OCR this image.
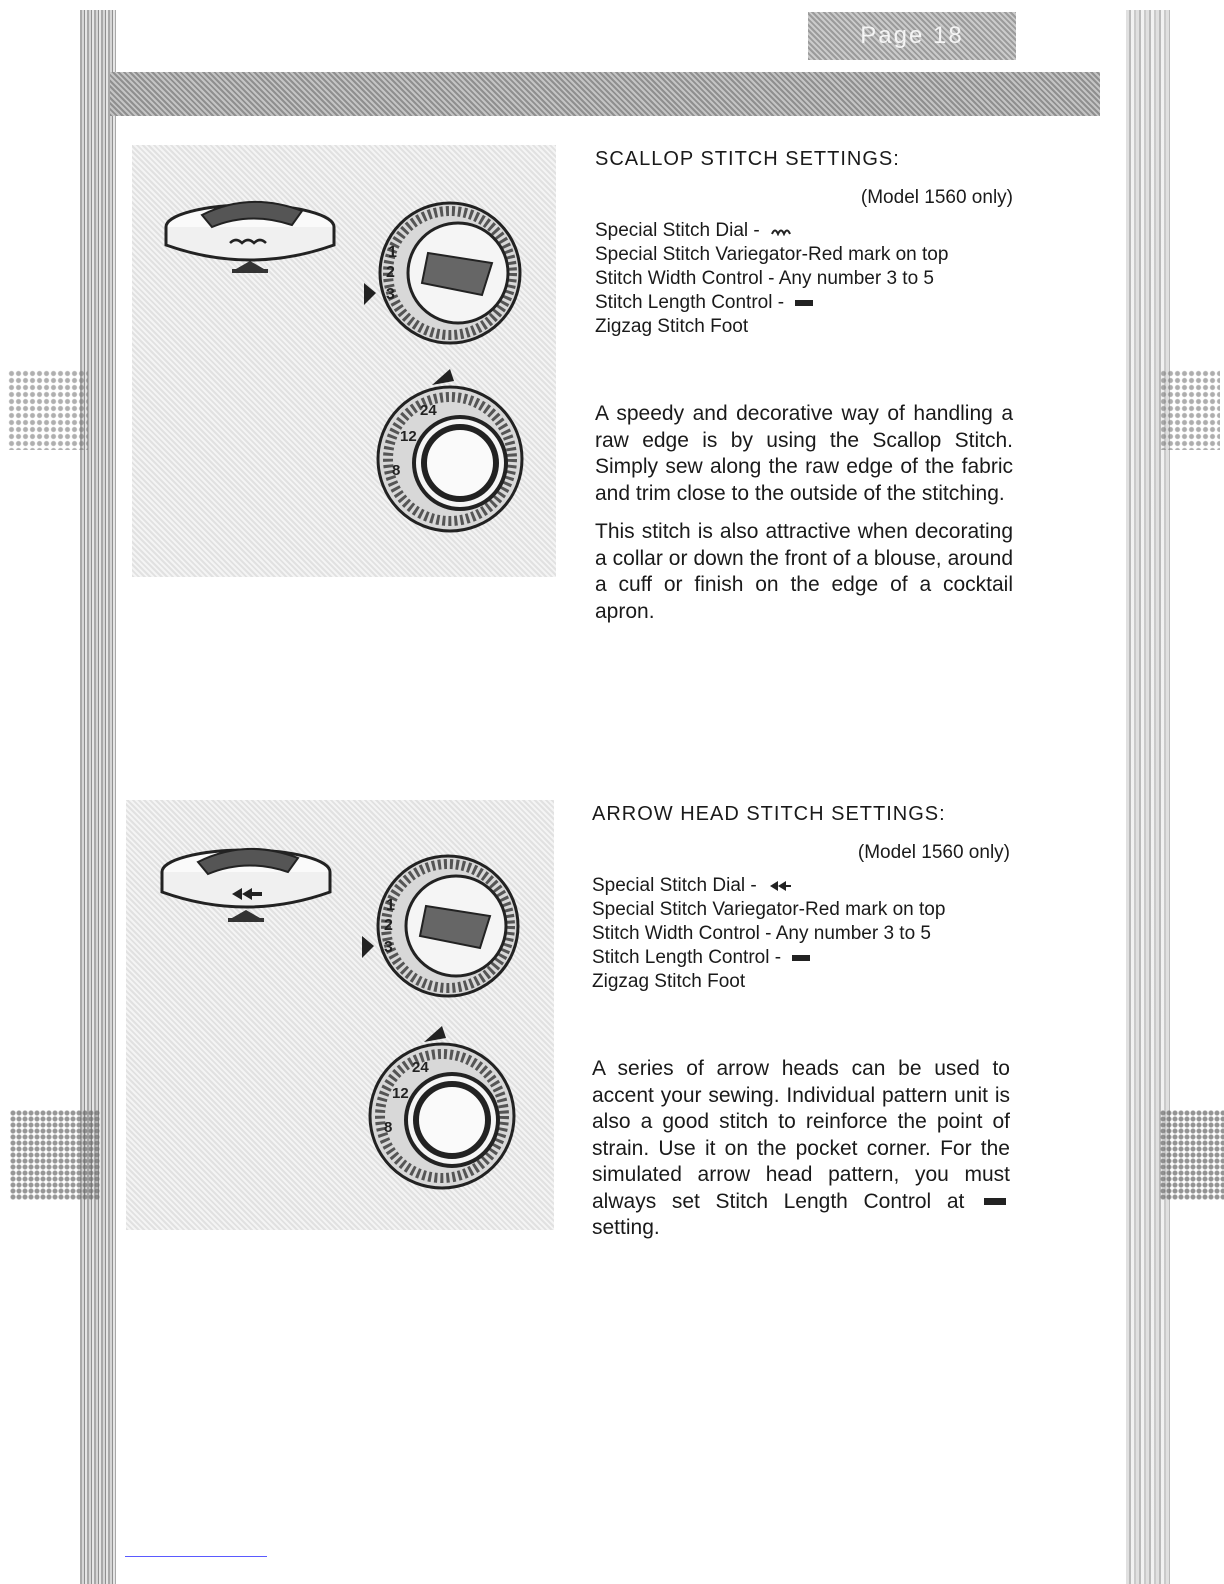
Page 18
1
2
3
24
12
8
1
2
3
24
12
8
SCALLOP STITCH SETTINGS:

(Model 1560 only)

Special Stitch Dial -
Special Stitch Variegator-Red mark on top
Stitch Width Control - Any number 3 to 5
Stitch Length Control -
Zigzag Stitch Foot

A speedy and decorative way of handling a raw edge is by using the Scallop Stitch. Simply sew along the raw edge of the fabric and trim close to the outside of the stitching.

This stitch is also attractive when decorating a collar or down the front of a blouse, around a cuff or finish on the edge of a cocktail apron.

ARROW HEAD STITCH SETTINGS:

(Model 1560 only)

Special Stitch Dial -
Special Stitch Variegator-Red mark on top
Stitch Width Control - Any number 3 to 5
Stitch Length Control -
Zigzag Stitch Foot

A series of arrow heads can be used to accent your sewing. Individual pattern unit is also a good stitch to reinforce the point of strain. Use it on the pocket corner. For the simulated arrow head pattern, you must always set Stitch Length Control at  setting.
